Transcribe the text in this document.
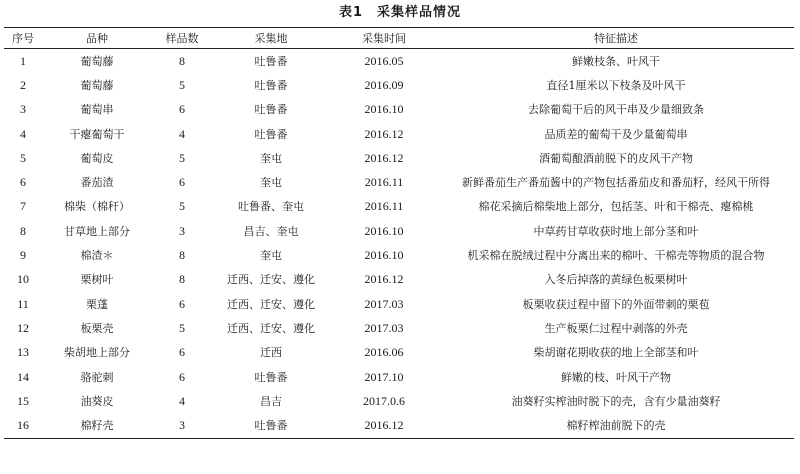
表1　采集样品情况
序号	品种	样品数	采集地	采集时间	特征描述
1	葡萄藤	8	吐鲁番	2016.05	鲜嫩枝条、叶风干
2	葡萄藤	5	吐鲁番	2016.09	直径1厘米以下枝条及叶风干
3	葡萄串	6	吐鲁番	2016.10	去除葡萄干后的风干串及少量细致条
4	干瘪葡萄干	4	吐鲁番	2016.12	品质差的葡萄干及少量葡萄串
5	葡萄皮	5	奎屯	2016.12	酒葡萄酿酒前脱下的皮风干产物
6	番茄渣	6	奎屯	2016.11	新鲜番茄生产番茄酱中的产物包括番茄皮和番茄籽，经风干所得
7	棉柴（棉秆）	5	吐鲁番、奎屯	2016.11	棉花采摘后棉柴地上部分，包括茎、叶和干棉壳、瘪棉桃
8	甘草地上部分	3	昌吉、奎屯	2016.10	中草药甘草收获时地上部分茎和叶
9	棉渣＊	8	奎屯	2016.10	机采棉在脱绒过程中分离出来的棉叶、干棉壳等物质的混合物
10	栗树叶	8	迁西、迁安、遵化	2016.12	入冬后掉落的黄绿色板栗树叶
11	栗蓬	6	迁西、迁安、遵化	2017.03	板栗收获过程中留下的外面带刺的栗苞
12	板栗壳	5	迁西、迁安、遵化	2017.03	生产板栗仁过程中剥落的外壳
13	柴胡地上部分	6	迁西	2016.06	柴胡谢花期收获的地上全部茎和叶
14	骆驼刺	6	吐鲁番	2017.10	鲜嫩的枝、叶风干产物
15	油葵皮	4	昌吉	2017.0.6	油葵籽实榨油时脱下的壳，含有少量油葵籽
16	棉籽壳	3	吐鲁番	2016.12	棉籽榨油前脱下的壳
